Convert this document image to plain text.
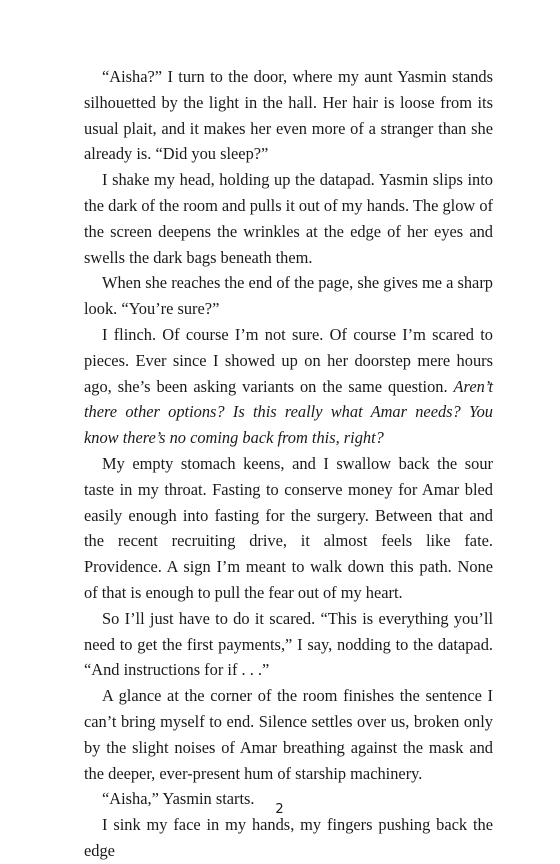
“Aisha?” I turn to the door, where my aunt Yasmin stands silhouetted by the light in the hall. Her hair is loose from its usual plait, and it makes her even more of a stranger than she already is. “Did you sleep?”

I shake my head, holding up the datapad. Yasmin slips into the dark of the room and pulls it out of my hands. The glow of the screen deepens the wrinkles at the edge of her eyes and swells the dark bags beneath them.

When she reaches the end of the page, she gives me a sharp look. “You’re sure?”

I flinch. Of course I’m not sure. Of course I’m scared to pieces. Ever since I showed up on her doorstep mere hours ago, she’s been asking variants on the same question. Aren’t there other options? Is this really what Amar needs? You know there’s no coming back from this, right?

My empty stomach keens, and I swallow back the sour taste in my throat. Fasting to conserve money for Amar bled easily enough into fasting for the surgery. Between that and the recent recruiting drive, it almost feels like fate. Providence. A sign I’m meant to walk down this path. None of that is enough to pull the fear out of my heart.

So I’ll just have to do it scared. “This is everything you’ll need to get the first payments,” I say, nodding to the datapad. “And instructions for if . . .”

A glance at the corner of the room finishes the sentence I can’t bring myself to end. Silence settles over us, broken only by the slight noises of Amar breathing against the mask and the deeper, ever-present hum of starship machinery.

“Aisha,” Yasmin starts.

I sink my face in my hands, my fingers pushing back the edge

2
